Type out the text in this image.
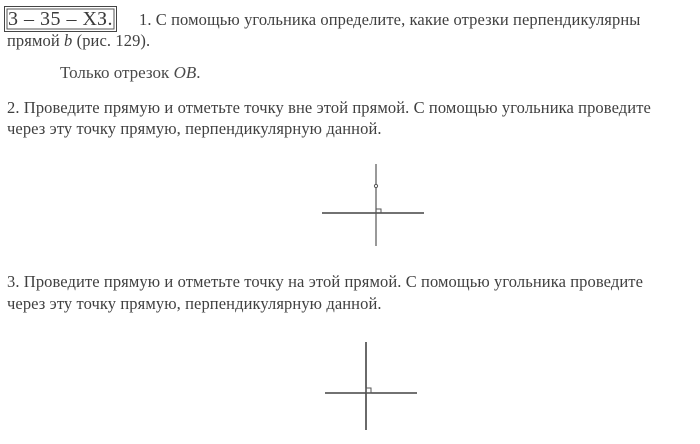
3 – 35 – ХЗ. 1. С помощью угольника определите, какие отрезки перпендикулярны
прямой b (рис. 129).
Только отрезок OB.
2. Проведите прямую и отметьте точку вне этой прямой. С помощью угольника проведите
через эту точку прямую, перпендикулярную данной.
3. Проведите прямую и отметьте точку на этой прямой. С помощью угольника проведите
через эту точку прямую, перпендикулярную данной.
